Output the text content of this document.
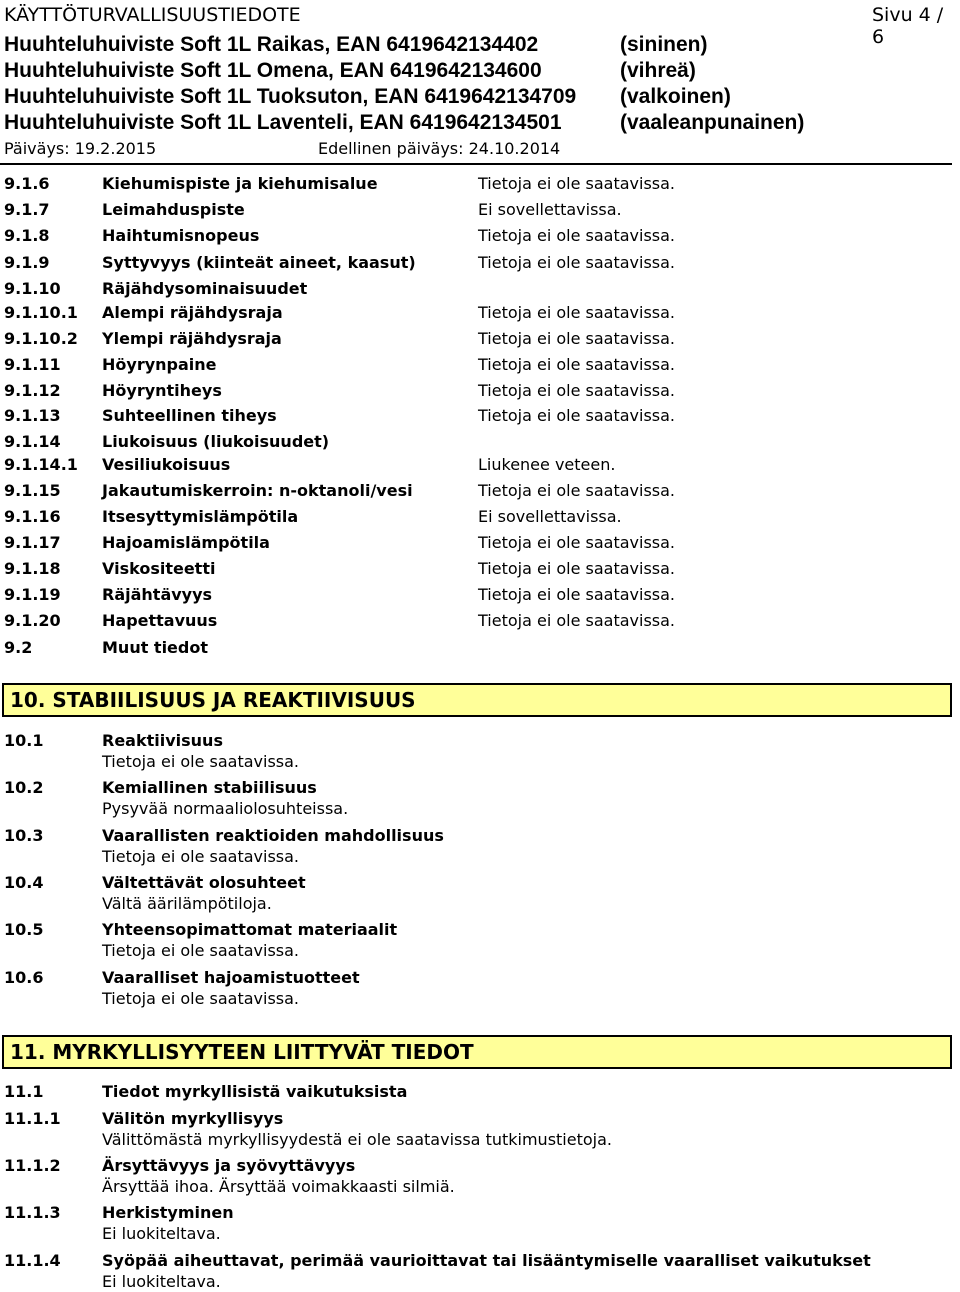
KÄYTTÖTURVALLISUUSTIEDOTE	Sivu 4 / 6
Huuhteluhuiviste Soft 1L Raikas, EAN 6419642134402	(sininen)
Huuhteluhuiviste Soft 1L Omena, EAN 6419642134600	(vihreä)
Huuhteluhuiviste Soft 1L Tuoksuton, EAN 6419642134709 (valkoinen)
Huuhteluhuiviste Soft 1L Laventeli, EAN 6419642134501	(vaaleanpunainen)
Päiväys: 19.2.2015	Edellinen päiväys: 24.10.2014
9.1.6	Kiehumispiste ja kiehumisalue	Tietoja ei ole saatavissa.
9.1.7	Leimahduspiste	Ei sovellettavissa.
9.1.8	Haihtumisnopeus	Tietoja ei ole saatavissa.
9.1.9	Syttyvyys (kiinteät aineet, kaasut)	Tietoja ei ole saatavissa.
9.1.10	Räjähdysominaisuudet
9.1.10.1 Alempi räjähdysraja	Tietoja ei ole saatavissa.
9.1.10.2 Ylempi räjähdysraja	Tietoja ei ole saatavissa.
9.1.11	Höyrynpaine	Tietoja ei ole saatavissa.
9.1.12	Höyryntiheys	Tietoja ei ole saatavissa.
9.1.13	Suhteellinen tiheys	Tietoja ei ole saatavissa.
9.1.14	Liukoisuus (liukoisuudet)
9.1.14.1 Vesiliukoisuus	Liukenee veteen.
9.1.15	Jakautumiskerroin: n-oktanoli/vesi	Tietoja ei ole saatavissa.
9.1.16	Itsesyttymislämpötila	Ei sovellettavissa.
9.1.17	Hajoamislämpötila	Tietoja ei ole saatavissa.
9.1.18	Viskositeetti	Tietoja ei ole saatavissa.
9.1.19	Räjähtävyys	Tietoja ei ole saatavissa.
9.1.20	Hapettavuus	Tietoja ei ole saatavissa.
9.2	Muut tiedot
10. STABIILISUUS JA REAKTIIVISUUS
10.1	Reaktiivisuus
Tietoja ei ole saatavissa.
10.2	Kemiallinen stabiilisuus
Pysyvää normaaliolosuhteissa.
10.3	Vaarallisten reaktioiden mahdollisuus
Tietoja ei ole saatavissa.
10.4	Vältettävät olosuhteet
Vältä äärilämpötiloja.
10.5	Yhteensopimattomat materiaalit
Tietoja ei ole saatavissa.
10.6	Vaaralliset hajoamistuotteet
Tietoja ei ole saatavissa.
11. MYRKYLLISYYTEEN LIITTYVÄT TIEDOT
11.1	Tiedot myrkyllisistä vaikutuksista
11.1.1	Välitön myrkyllisyys
Välittömästä myrkyllisyydestä ei ole saatavissa tutkimustietoja.
11.1.2	Ärsyttävyys ja syövyttävyys
Ärsyttää ihoa. Ärsyttää voimakkaasti silmiä.
11.1.3	Herkistyminen
Ei luokiteltava.
11.1.4	Syöpää aiheuttavat, perimää vaurioittavat tai lisääntymiselle vaaralliset vaikutukset
Ei luokiteltava.
